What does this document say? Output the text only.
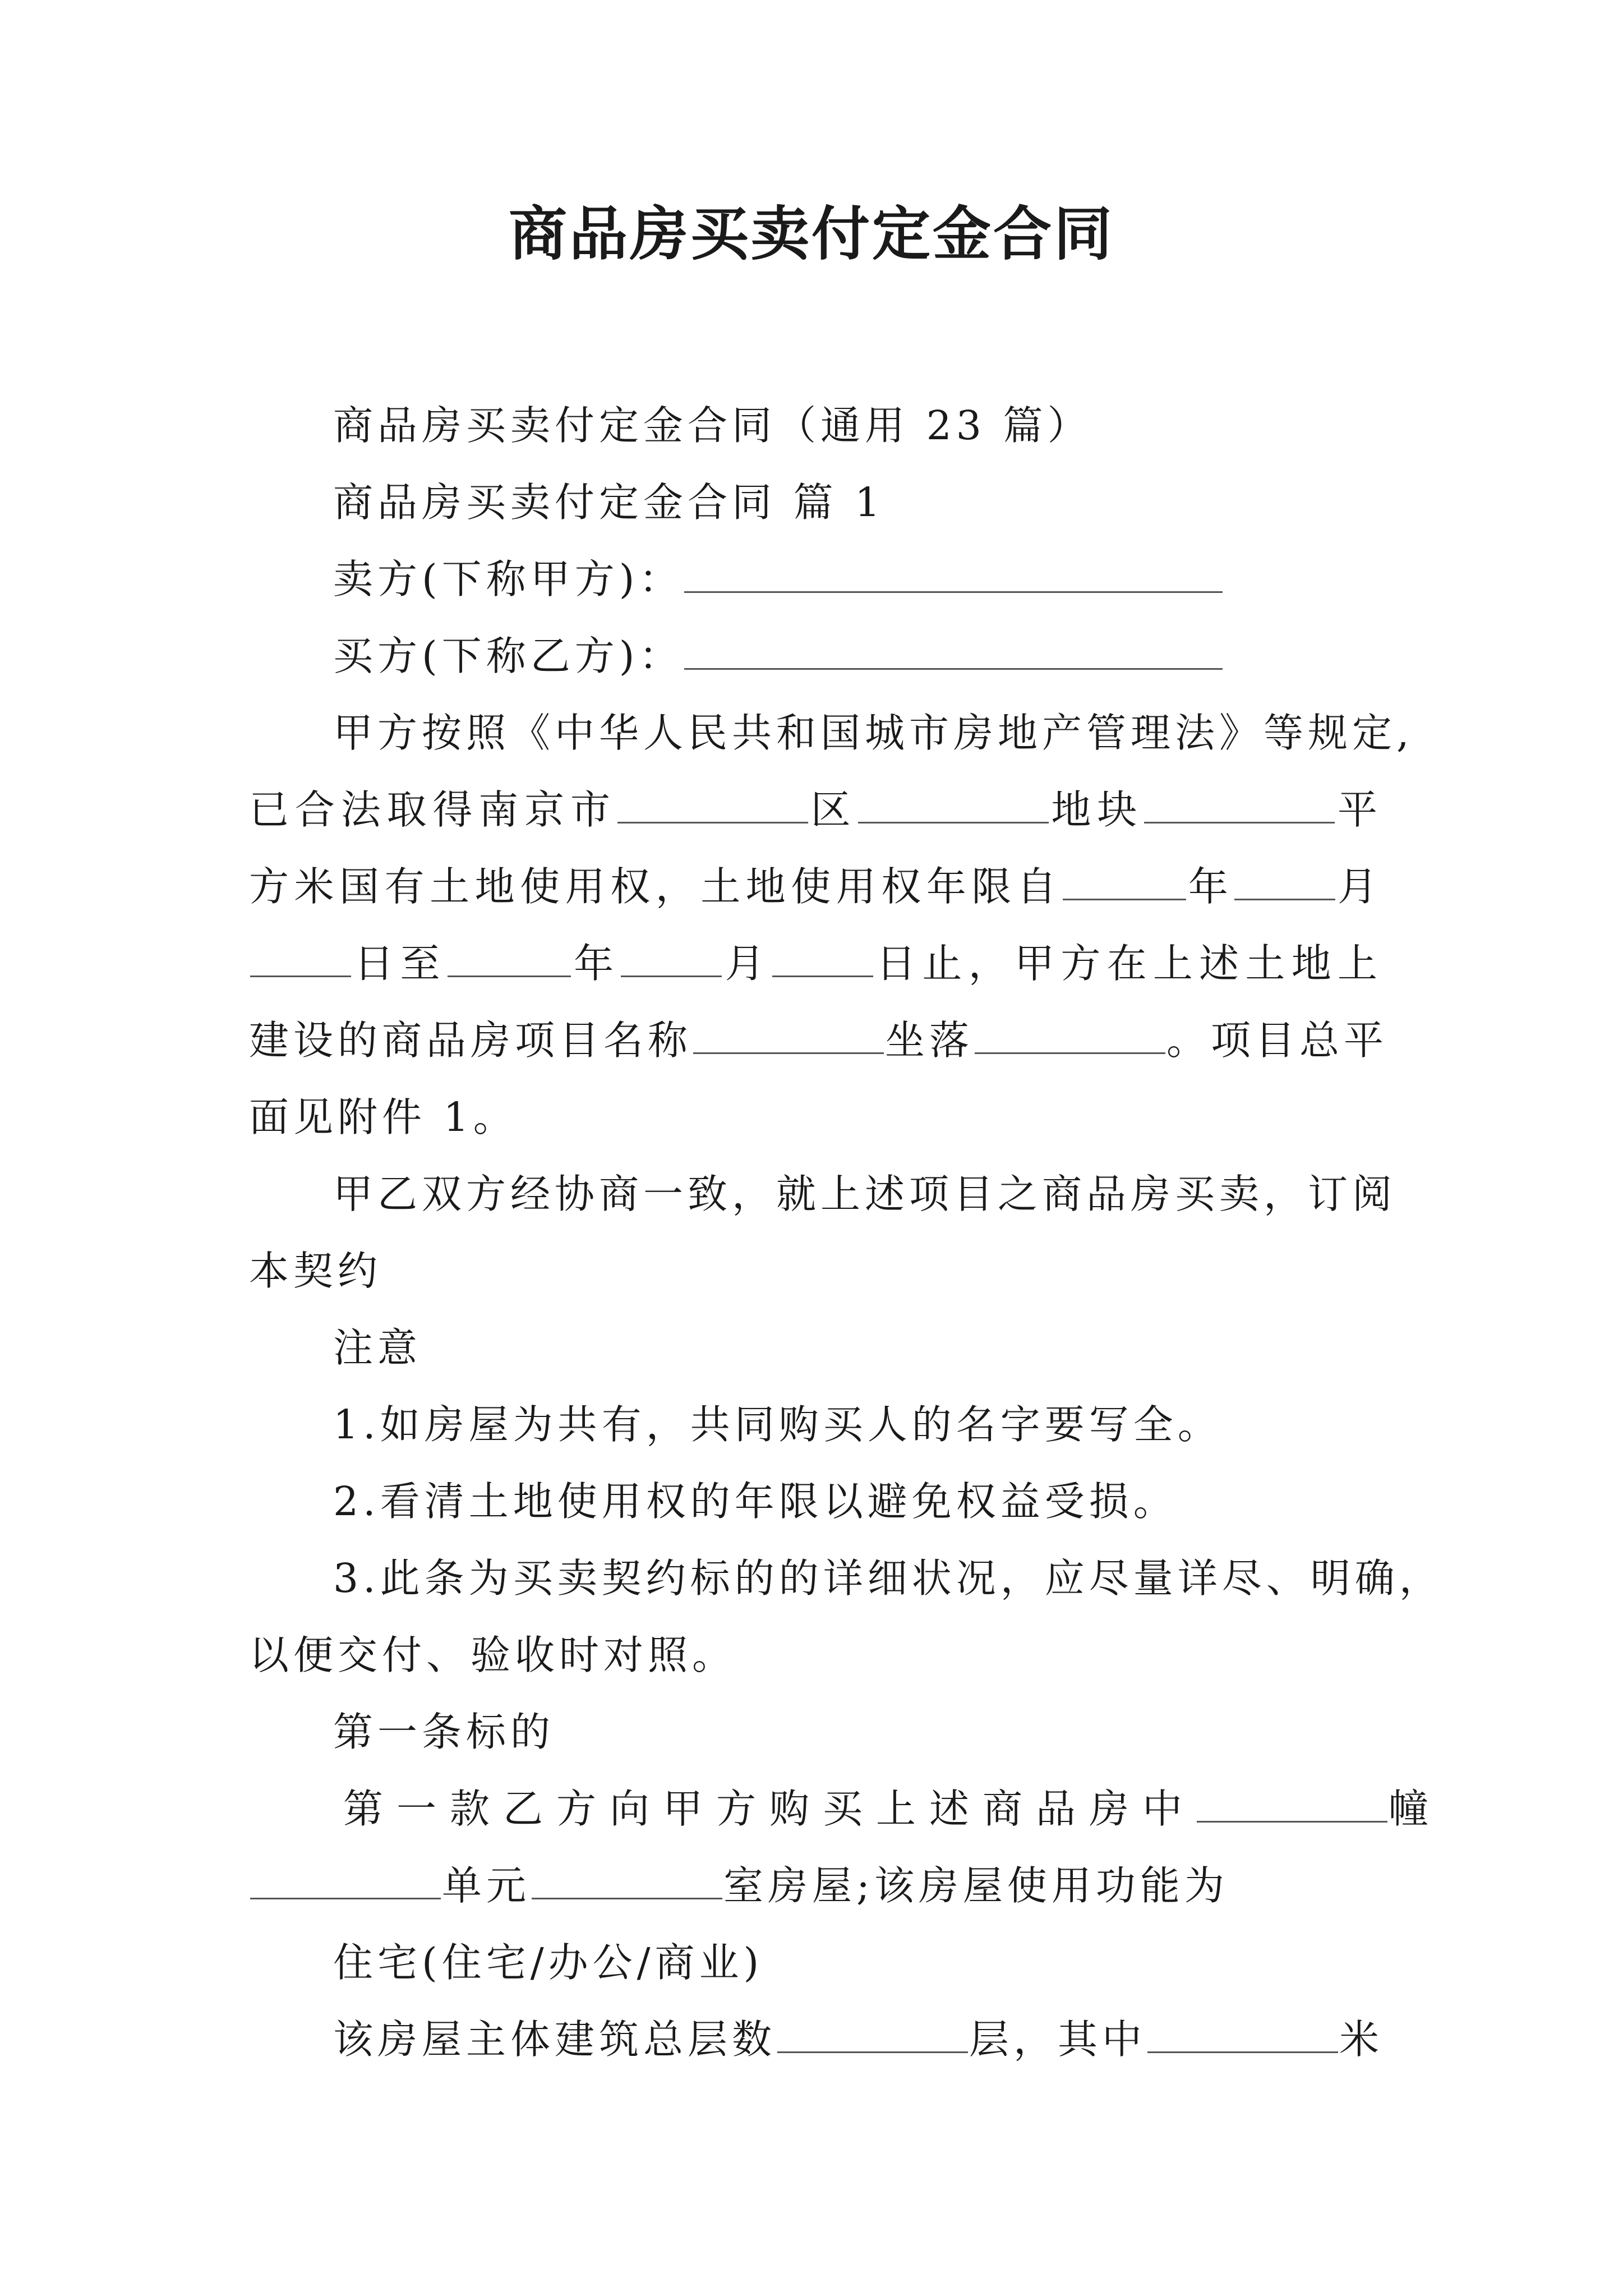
商品房买卖付定金合同
商品房买卖付定金合同（通用 23 篇）
商品房买卖付定金合同 篇 1
卖方(下称甲方)：
买方(下称乙方)：
甲方按照《中华人民共和国城市房地产管理法》等规定,
已合法取得南京市	区	地块	平
方米国有土地使用权，土地使用权年限自	年	月
日至	年	月	日止，甲方在上述土地上
建设的商品房项目名称	坐落	。项目总平
面见附件 1。
甲乙双方经协商一致，就上述项目之商品房买卖，订阅
本契约
注意
1.如房屋为共有，共同购买人的名字要写全。
2.看清土地使用权的年限以避免权益受损。
3.此条为买卖契约标的的详细状况，应尽量详尽、明确，
以便交付、验收时对照。
第一条标的
第一款乙方向甲方购买上述商品房中	幢
单元	室房屋;该房屋使用功能为
住宅(住宅/办公/商业)
该房屋主体建筑总层数	层，其中	米
